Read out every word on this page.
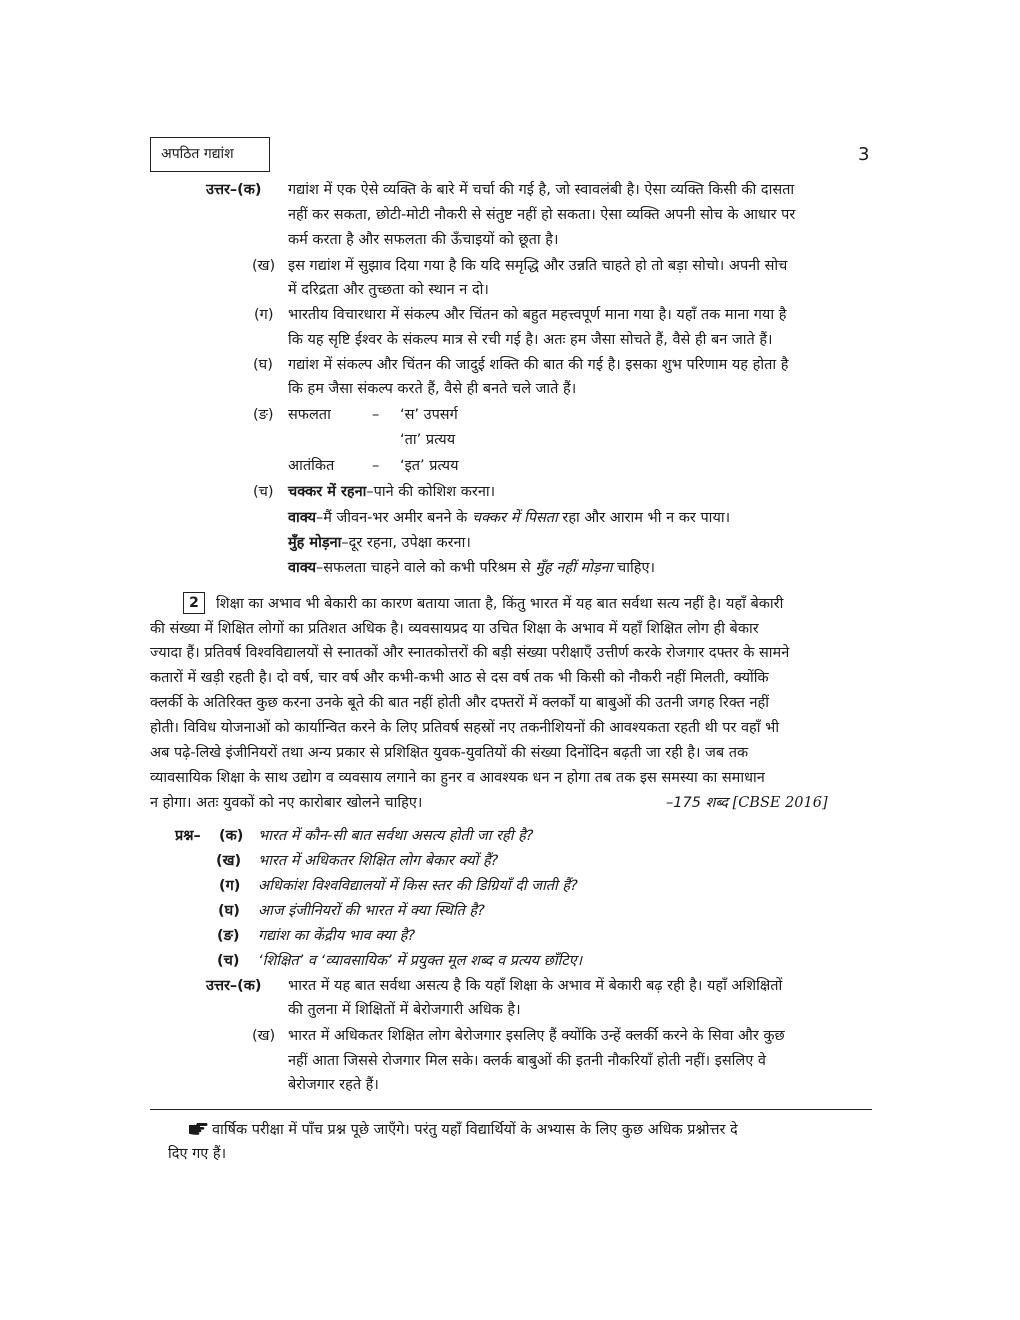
अपठित गद्यांश	3
उत्तर–(क) गद्यांश में एक ऐसे व्यक्ति के बारे में चर्चा की गई है, जो स्वावलंबी है। ऐसा व्यक्ति किसी की दासता
नहीं कर सकता, छोटी-मोटी नौकरी से संतुष्ट नहीं हो सकता। ऐसा व्यक्ति अपनी सोच के आधार पर
कर्म करता है और सफलता की ऊँचाइयों को छूता है।
(ख) इस गद्यांश में सुझाव दिया गया है कि यदि समृद्धि और उन्नति चाहते हो तो बड़ा सोचो। अपनी सोच
में दरिद्रता और तुच्छता को स्थान न दो।
(ग) भारतीय विचारधारा में संकल्प और चिंतन को बहुत महत्त्वपूर्ण माना गया है। यहाँ तक माना गया है
कि यह सृष्टि ईश्वर के संकल्प मात्र से रची गई है। अतः हम जैसा सोचते हैं, वैसे ही बन जाते हैं।
(घ) गद्यांश में संकल्प और चिंतन की जादुई शक्ति की बात की गई है। इसका शुभ परिणाम यह होता है
कि हम जैसा संकल्प करते हैं, वैसे ही बनते चले जाते हैं।
(ङ) सफलता	– ‘स’ उपसर्ग
‘ता’ प्रत्यय
आतंकित	– ‘इत’ प्रत्यय
(च) चक्कर में रहना–पाने की कोशिश करना।
वाक्य–मैं जीवन-भर अमीर बनने के चक्कर में पिसता रहा और आराम भी न कर पाया।
मुँह मोड़ना–दूर रहना, उपेक्षा करना।
वाक्य–सफलता चाहने वाले को कभी परिश्रम से मुँह नहीं मोड़ना चाहिए।
2	शिक्षा का अभाव भी बेकारी का कारण बताया जाता है, किंतु भारत में यह बात सर्वथा सत्य नहीं है। यहाँ बेकारी
की संख्या में शिक्षित लोगों का प्रतिशत अधिक है। व्यवसायप्रद या उचित शिक्षा के अभाव में यहाँ शिक्षित लोग ही बेकार
ज्यादा हैं। प्रतिवर्ष विश्वविद्यालयों से स्नातकों और स्नातकोत्तरों की बड़ी संख्या परीक्षाएँ उत्तीर्ण करके रोजगार दफ्तर के सामने
कतारों में खड़ी रहती है। दो वर्ष, चार वर्ष और कभी-कभी आठ से दस वर्ष तक भी किसी को नौकरी नहीं मिलती, क्योंकि
क्लर्की के अतिरिक्त कुछ करना उनके बूते की बात नहीं होती और दफ्तरों में क्लर्कों या बाबुओं की उतनी जगह रिक्त नहीं
होती। विविध योजनाओं को कार्यान्वित करने के लिए प्रतिवर्ष सहस्रों नए तकनीशियनों की आवश्यकता रहती थी पर वहाँ भी
अब पढ़े-लिखे इंजीनियरों तथा अन्य प्रकार से प्रशिक्षित युवक-युवतियों की संख्या दिनोंदिन बढ़ती जा रही है। जब तक
व्यावसायिक शिक्षा के साथ उद्योग व व्यवसाय लगाने का हुनर व आवश्यक धन न होगा तब तक इस समस्या का समाधान
न होगा। अतः युवकों को नए कारोबार खोलने चाहिए।	–175 शब्द [CBSE 2016]
प्रश्न– (क) भारत में कौन-सी बात सर्वथा असत्य होती जा रही है?
(ख) भारत में अधिकतर शिक्षित लोग बेकार क्यों हैं?
(ग) अधिकांश विश्वविद्यालयों में किस स्तर की डिग्रियाँ दी जाती हैं?
(घ) आज इंजीनियरों की भारत में क्या स्थिति है?
(ङ) गद्यांश का केंद्रीय भाव क्या है?
(च) ‘शिक्षित’ व ‘व्यावसायिक’ में प्रयुक्त मूल शब्द व प्रत्यय छाँटिए।
उत्तर–(क) भारत में यह बात सर्वथा असत्य है कि यहाँ शिक्षा के अभाव में बेकारी बढ़ रही है। यहाँ अशिक्षितों
की तुलना में शिक्षितों में बेरोजगारी अधिक है।
(ख) भारत में अधिकतर शिक्षित लोग बेरोजगार इसलिए हैं क्योंकि उन्हें क्लर्की करने के सिवा और कुछ
नहीं आता जिससे रोजगार मिल सके। क्लर्क बाबुओं की इतनी नौकरियाँ होती नहीं। इसलिए वे
बेरोजगार रहते हैं।
वार्षिक परीक्षा में पाँच प्रश्न पूछे जाएँगे। परंतु यहाँ विद्यार्थियों के अभ्यास के लिए कुछ अधिक प्रश्नोत्तर दे
दिए गए हैं।
